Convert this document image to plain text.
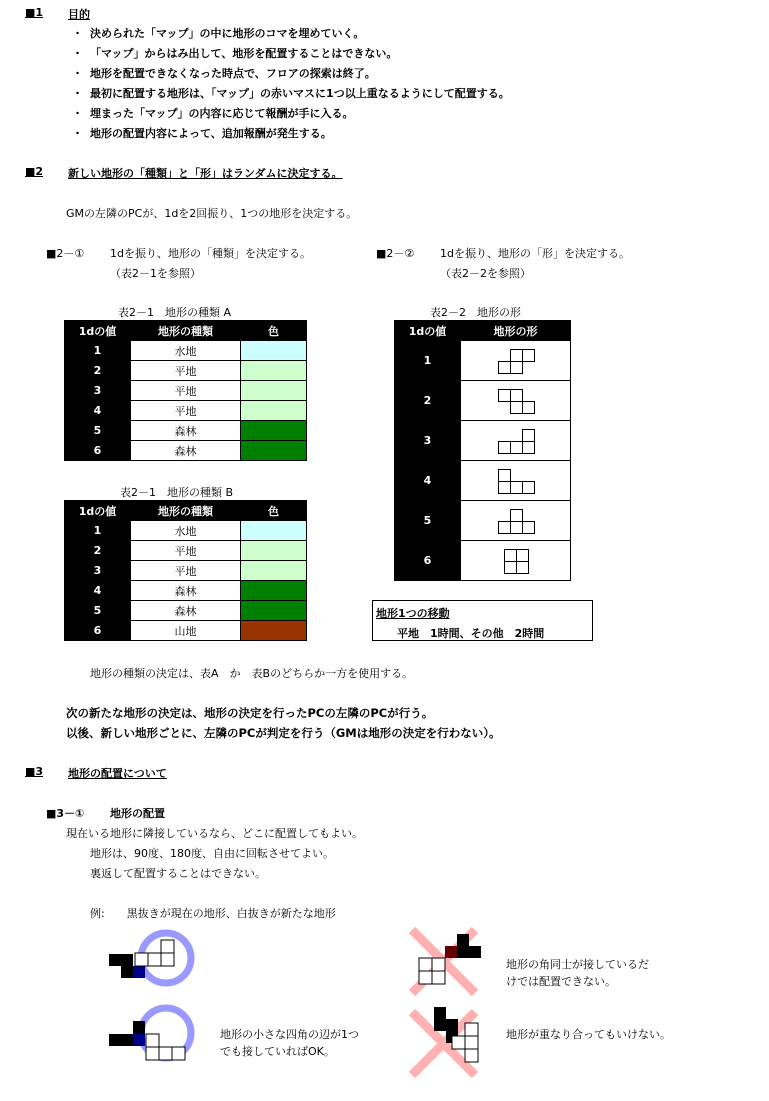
■1 目的
・ 決められた「マップ」の中に地形のコマを埋めていく。
・ 「マップ」からはみ出して、地形を配置することはできない。
・ 地形を配置できなくなった時点で、フロアの探索は終了。
・ 最初に配置する地形は、「マップ」の赤いマスに1つ以上重なるようにして配置する。
・ 埋まった「マップ」の内容に応じて報酬が手に入る。
・ 地形の配置内容によって、追加報酬が発生する。
■2 新しい地形の「種類」と「形」はランダムに決定する。
GMの左隣のPCが、1dを2回振り、1つの地形を決定する。
■2－① 1dを振り、地形の「種類」を決定する。
（表2－1を参照）
■2－② 1dを振り、地形の「形」を決定する。
（表2－2を参照）
表2－1　地形の種類 A
1dの値	地形の種類	色
1	水地	
2	平地	
3	平地	
4	平地	
5	森林	
6	森林	
表2－1　地形の種類 B
1dの値	地形の種類	色
1	水地	
2	平地	
3	平地	
4	森林	
5	森林	
6	山地	
表2－2　地形の形
1dの値	地形の形
1	

2	

3	

4	

5	

6	
地形1つの移動
平地　1時間、その他　2時間
地形の種類の決定は、表A　か　表Bのどちらか一方を使用する。
次の新たな地形の決定は、地形の決定を行ったPCの左隣のPCが行う。
以後、新しい地形ごとに、左隣のPCが判定を行う（GMは地形の決定を行わない）。
■3 地形の配置について
■3－① 地形の配置
現在いる地形に隣接しているなら、どこに配置してもよい。
地形は、90度、180度、自由に回転させてよい。
裏返して配置することはできない。
例:　　黒抜きが現在の地形、白抜きが新たな地形
地形の小さな四角の辺が1つ
でも接していればOK。
地形の角同士が接しているだ
けでは配置できない。
地形が重なり合ってもいけない。
